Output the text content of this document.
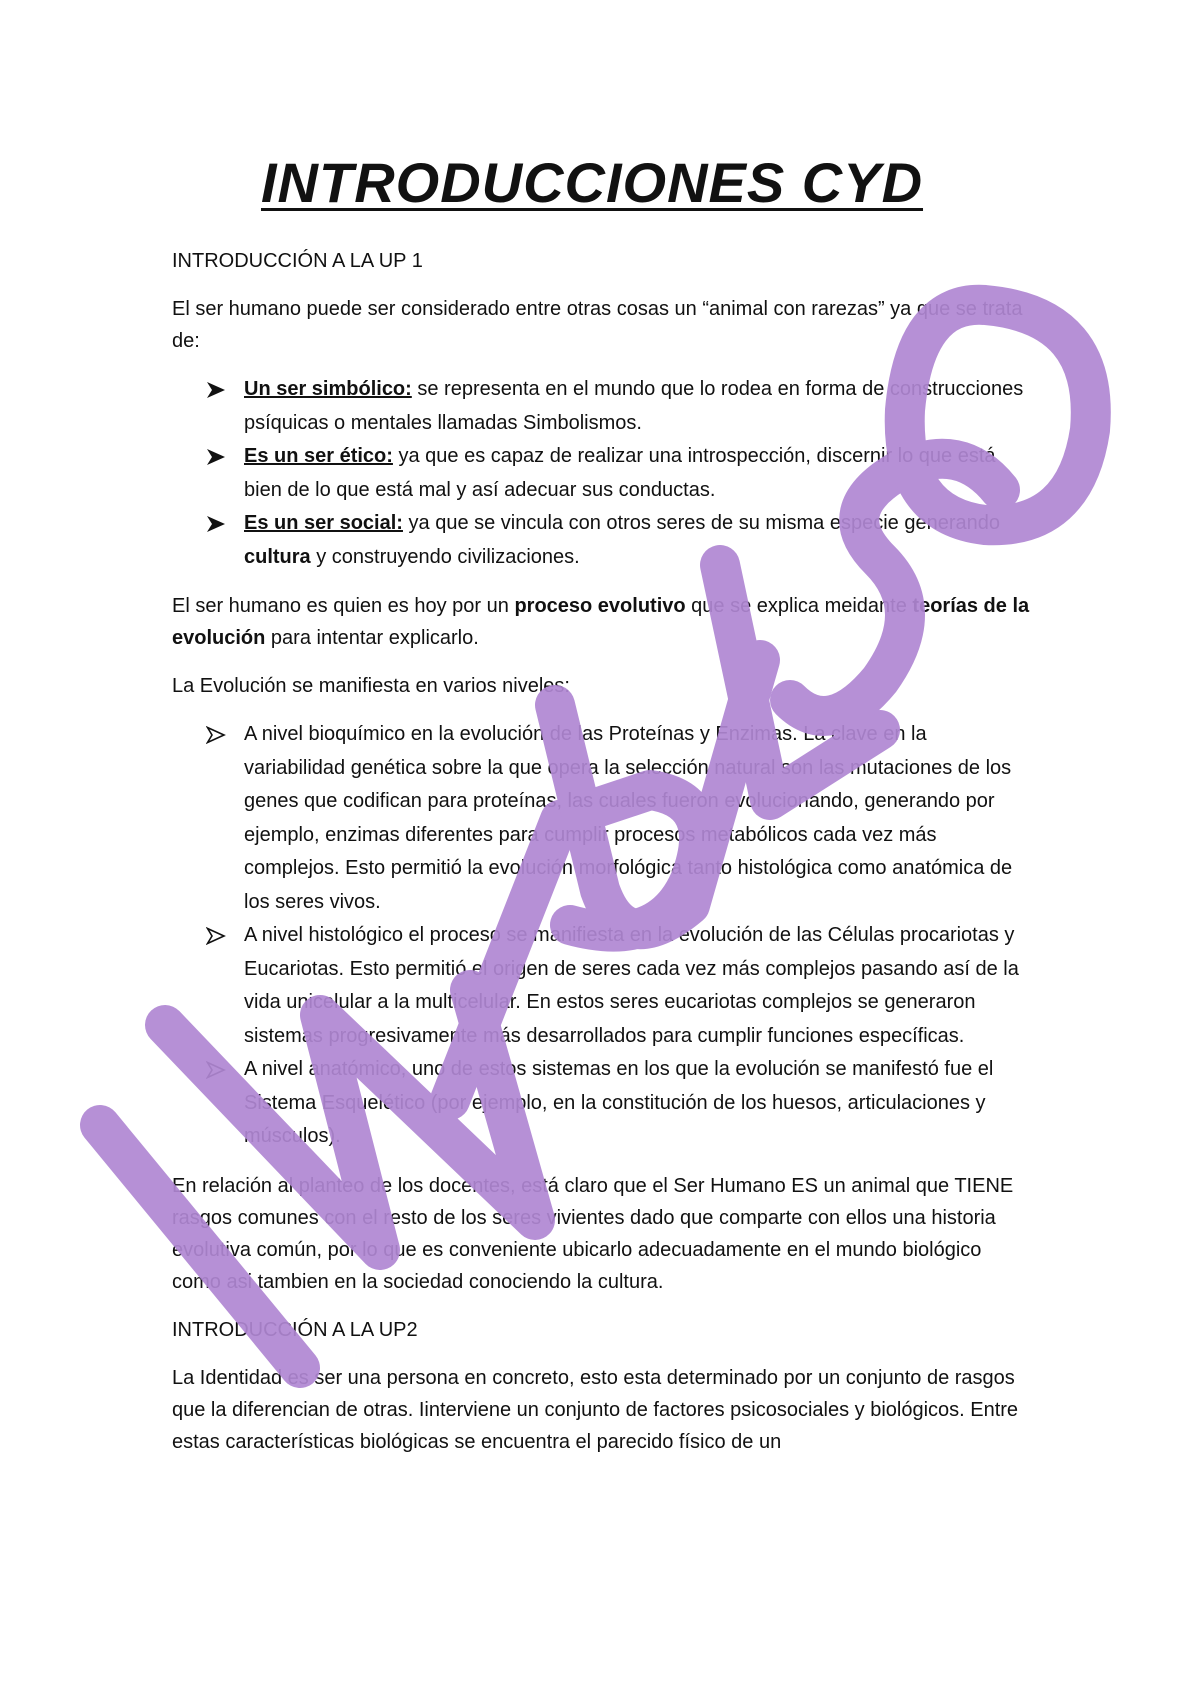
INTRODUCCIONES CYD

INTRODUCCIÓN A LA UP 1

El ser humano puede ser considerado entre otras cosas un “animal con rarezas” ya que se trata de:

Un ser simbólico: se representa en el mundo que lo rodea en forma de construcciones psíquicas o mentales llamadas Simbolismos.
Es un ser ético: ya que es capaz de realizar una introspección, discernir lo que está bien de lo que está mal y así adecuar sus conductas.
Es un ser social: ya que se vincula con otros seres de su misma especie generando cultura y construyendo civilizaciones.

El ser humano es quien es hoy por un proceso evolutivo que se explica meidante teorías de la evolución para intentar explicarlo.

La Evolución se manifiesta en varios niveles:

A nivel bioquímico en la evolución de las Proteínas y Enzimas. La clave en la variabilidad genética sobre la que opera la selección natural son las mutaciones de los genes que codifican para proteínas, las cuales fueron evolucionando, generando por ejemplo, enzimas diferentes para cumplir procesos metabólicos cada vez más complejos. Esto permitió la evolución morfológica tanto histológica como anatómica de los seres vivos.
A nivel histológico el proceso se manifiesta en la evolución de las Células procariotas y Eucariotas. Esto permitió el origen de seres cada vez más complejos pasando así de la vida unicelular a la multicelular. En estos seres eucariotas complejos se generaron sistemas progresivamente más desarrollados para cumplir funciones específicas.
A nivel anatómico, uno de estos sistemas en los que la evolución se manifestó fue el Sistema Esquelético (por ejemplo, en la constitución de los huesos, articulaciones y músculos).

En relación al planteo de los docentes, está claro que el Ser Humano ES un animal que TIENE rasgos comunes con el resto de los seres vivientes dado que comparte con ellos una historia evolutiva común, por lo que es conveniente ubicarlo adecuadamente en el mundo biológico como asi tambien en la sociedad conociendo la cultura.

INTRODUCCIÓN A LA UP2

La Identidad es ser una persona en concreto, esto esta determinado por un conjunto de rasgos que la diferencian de otras. Iinterviene un conjunto de factores psicosociales y biológicos. Entre estas características biológicas se encuentra el parecido físico de un
